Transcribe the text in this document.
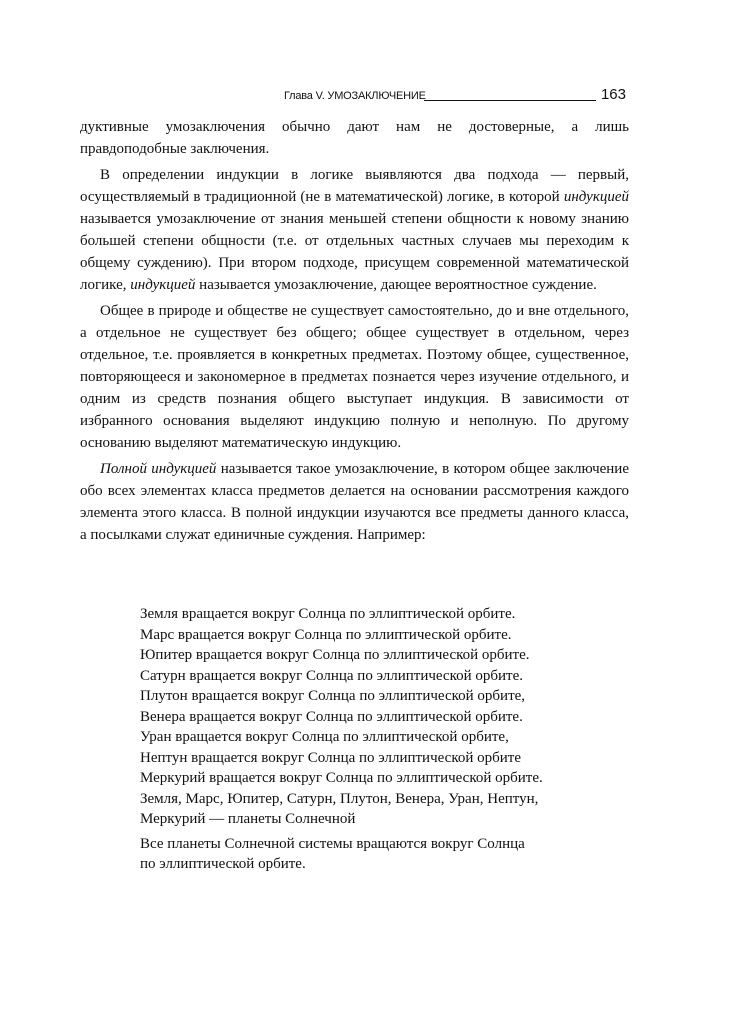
Глава V. УМОЗАКЛЮЧЕНИЕ	163

дуктивные умозаключения обычно дают нам не достоверные, а лишь правдоподобные заключения.

В определении индукции в логике выявляются два подхода — первый, осуществляемый в традиционной (не в математической) логике, в которой индукцией называется умозаключение от знания меньшей степени общности к новому знанию большей степени общности (т.е. от отдельных частных случаев мы переходим к общему суждению). При втором подходе, присущем современной математической логике, индукцией называется умозаключение, дающее вероятностное суждение.

Общее в природе и обществе не существует самостоятельно, до и вне отдельного, а отдельное не существует без общего; общее существует в отдельном, через отдельное, т.е. проявляется в конкретных предметах. Поэтому общее, существенное, повторяющееся и закономерное в предметах познается через изучение отдельного, и одним из средств познания общего выступает индукция. В зависимости от избранного основания выделяют индукцию полную и неполную. По другому основанию выделяют математическую индукцию.

Полной индукцией называется такое умозаключение, в котором общее заключение обо всех элементах класса предметов делается на основании рассмотрения каждого элемента этого класса. В полной индукции изучаются все предметы данного класса, а посылками служат единичные суждения. Например:

Земля вращается вокруг Солнца по эллиптической орбите.
Марс вращается вокруг Солнца по эллиптической орбите.
Юпитер вращается вокруг Солнца по эллиптической орбите.
Сатурн вращается вокруг Солнца по эллиптической орбите.
Плутон вращается вокруг Солнца по эллиптической орбите,
Венера вращается вокруг Солнца по эллиптической орбите.
Уран вращается вокруг Солнца по эллиптической орбите,
Нептун вращается вокруг Солнца по эллиптической орбите
Меркурий вращается вокруг Солнца по эллиптической орбите.
Земля, Марс, Юпитер, Сатурн, Плутон, Венера, Уран, Нептун,
Меркурий — планеты Солнечной
Все планеты Солнечной системы вращаются вокруг Солнца
по эллиптической орбите.
